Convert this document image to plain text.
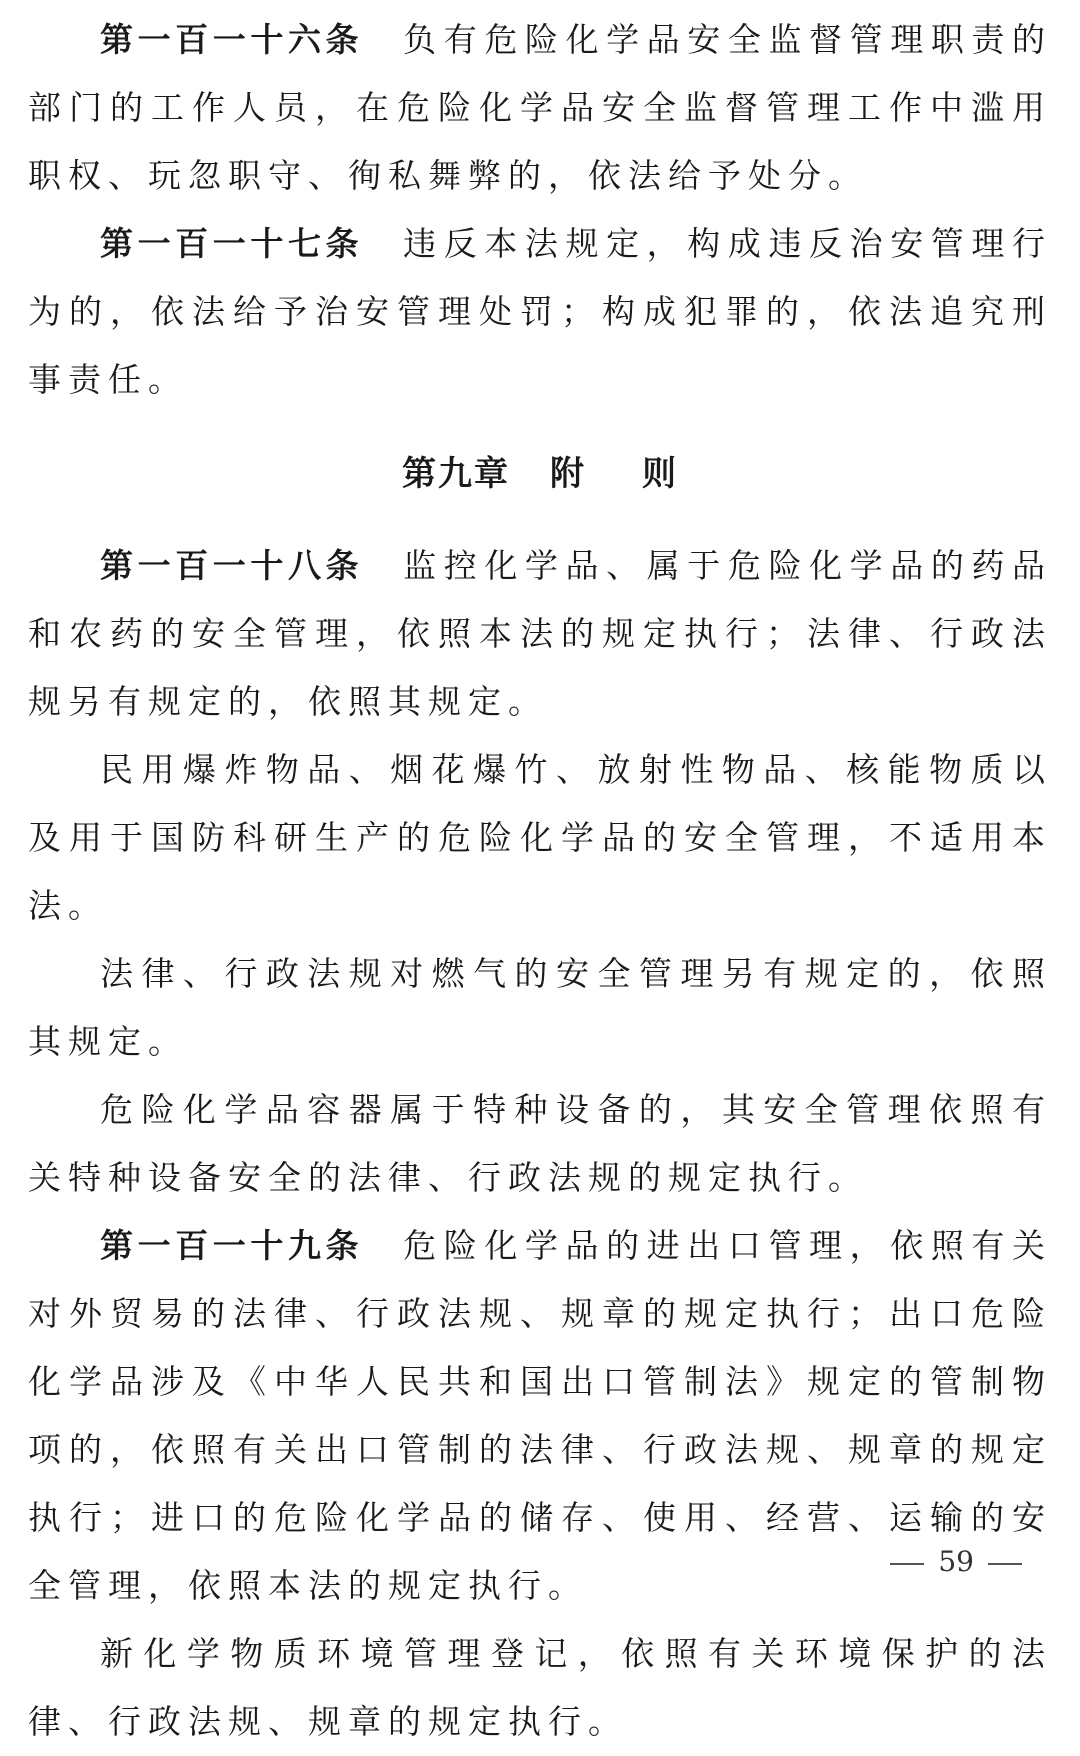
第一百一十六条 负有危险化学品安全监督管理职责的部门的工作人员，在危险化学品安全监督管理工作中滥用职权、玩忽职守、徇私舞弊的，依法给予处分。

第一百一十七条 违反本法规定，构成违反治安管理行为的，依法给予治安管理处罚；构成犯罪的，依法追究刑事责任。

第九章 附 则

第一百一十八条 监控化学品、属于危险化学品的药品和农药的安全管理，依照本法的规定执行；法律、行政法规另有规定的，依照其规定。

民用爆炸物品、烟花爆竹、放射性物品、核能物质以及用于国防科研生产的危险化学品的安全管理，不适用本法。

法律、行政法规对燃气的安全管理另有规定的，依照其规定。

危险化学品容器属于特种设备的，其安全管理依照有关特种设备安全的法律、行政法规的规定执行。

第一百一十九条 危险化学品的进出口管理，依照有关对外贸易的法律、行政法规、规章的规定执行；出口危险化学品涉及《中华人民共和国出口管制法》规定的管制物项的，依照有关出口管制的法律、行政法规、规章的规定执行；进口的危险化学品的储存、使用、经营、运输的安全管理，依照本法的规定执行。

新化学物质环境管理登记，依照有关环境保护的法律、行政法规、规章的规定执行。

59
